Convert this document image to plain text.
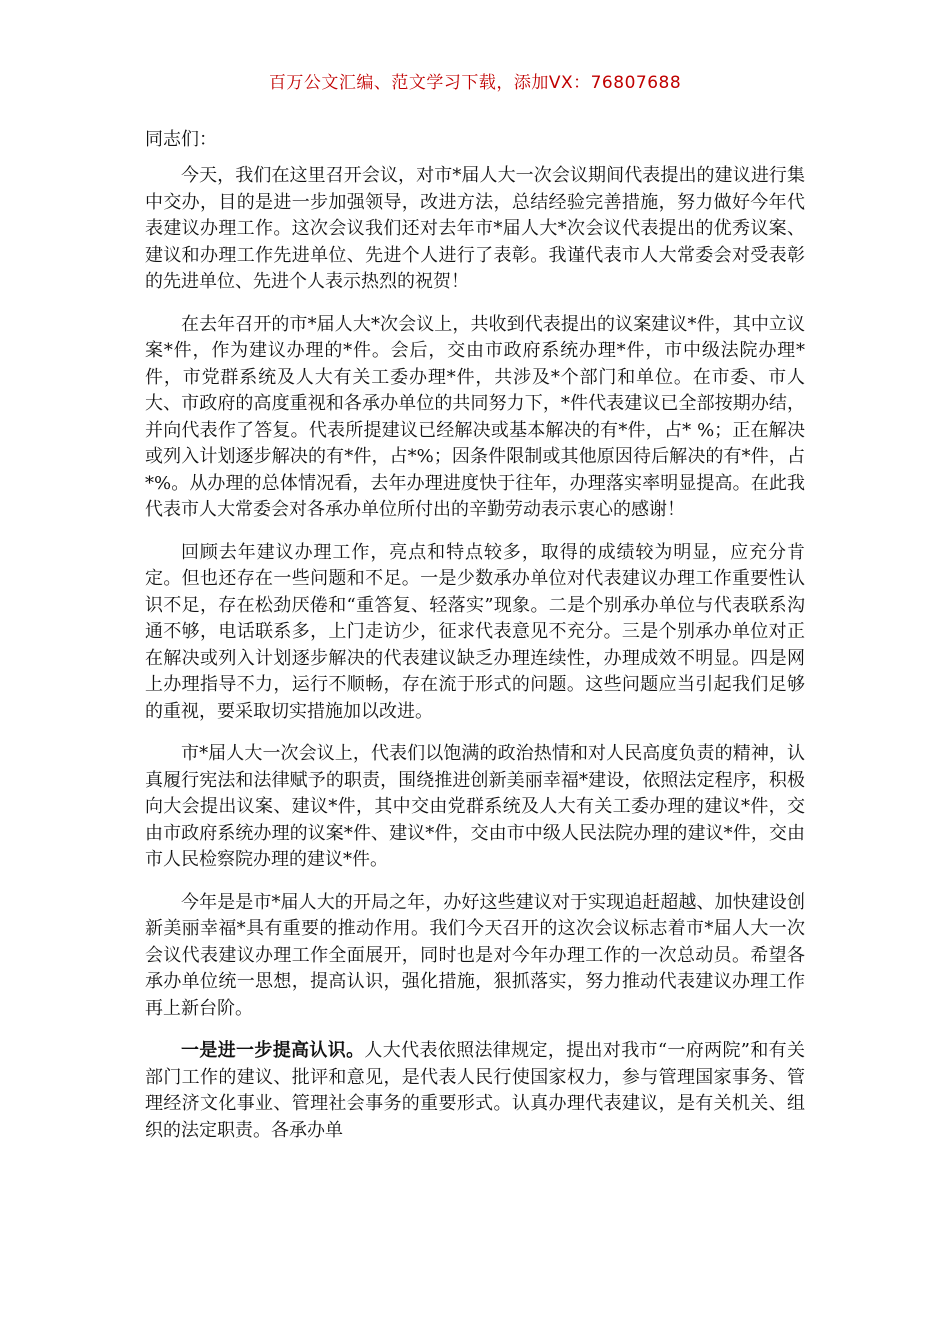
百万公文汇编、范文学习下载，添加VX：76807688

同志们：

今天，我们在这里召开会议，对市*届人大一次会议期间代表提出的建议进行集中交办，目的是进一步加强领导，改进方法，总结经验完善措施，努力做好今年代表建议办理工作。这次会议我们还对去年市*届人大*次会议代表提出的优秀议案、建议和办理工作先进单位、先进个人进行了表彰。我谨代表市人大常委会对受表彰的先进单位、先进个人表示热烈的祝贺！

在去年召开的市*届人大*次会议上，共收到代表提出的议案建议*件，其中立议案*件，作为建议办理的*件。会后，交由市政府系统办理*件，市中级法院办理*件，市党群系统及人大有关工委办理*件，共涉及*个部门和单位。在市委、市人大、市政府的高度重视和各承办单位的共同努力下，*件代表建议已全部按期办结，并向代表作了答复。代表所提建议已经解决或基本解决的有*件，占* %；正在解决或列入计划逐步解决的有*件，占*%；因条件限制或其他原因待后解决的有*件，占*%。从办理的总体情况看，去年办理进度快于往年，办理落实率明显提高。在此我代表市人大常委会对各承办单位所付出的辛勤劳动表示衷心的感谢！

回顾去年建议办理工作，亮点和特点较多，取得的成绩较为明显，应充分肯定。但也还存在一些问题和不足。一是少数承办单位对代表建议办理工作重要性认识不足，存在松劲厌倦和“重答复、轻落实”现象。二是个别承办单位与代表联系沟通不够，电话联系多，上门走访少，征求代表意见不充分。三是个别承办单位对正在解决或列入计划逐步解决的代表建议缺乏办理连续性，办理成效不明显。四是网上办理指导不力，运行不顺畅，存在流于形式的问题。这些问题应当引起我们足够的重视，要采取切实措施加以改进。

市*届人大一次会议上，代表们以饱满的政治热情和对人民高度负责的精神，认真履行宪法和法律赋予的职责，围绕推进创新美丽幸福*建设，依照法定程序，积极向大会提出议案、建议*件，其中交由党群系统及人大有关工委办理的建议*件，交由市政府系统办理的议案*件、建议*件，交由市中级人民法院办理的建议*件，交由市人民检察院办理的建议*件。

今年是是市*届人大的开局之年，办好这些建议对于实现追赶超越、加快建设创新美丽幸福*具有重要的推动作用。我们今天召开的这次会议标志着市*届人大一次会议代表建议办理工作全面展开，同时也是对今年办理工作的一次总动员。希望各承办单位统一思想，提高认识，强化措施，狠抓落实，努力推动代表建议办理工作再上新台阶。

一是进一步提高认识。人大代表依照法律规定，提出对我市“一府两院”和有关部门工作的建议、批评和意见，是代表人民行使国家权力，参与管理国家事务、管理经济文化事业、管理社会事务的重要形式。认真办理代表建议，是有关机关、组织的法定职责。各承办单
